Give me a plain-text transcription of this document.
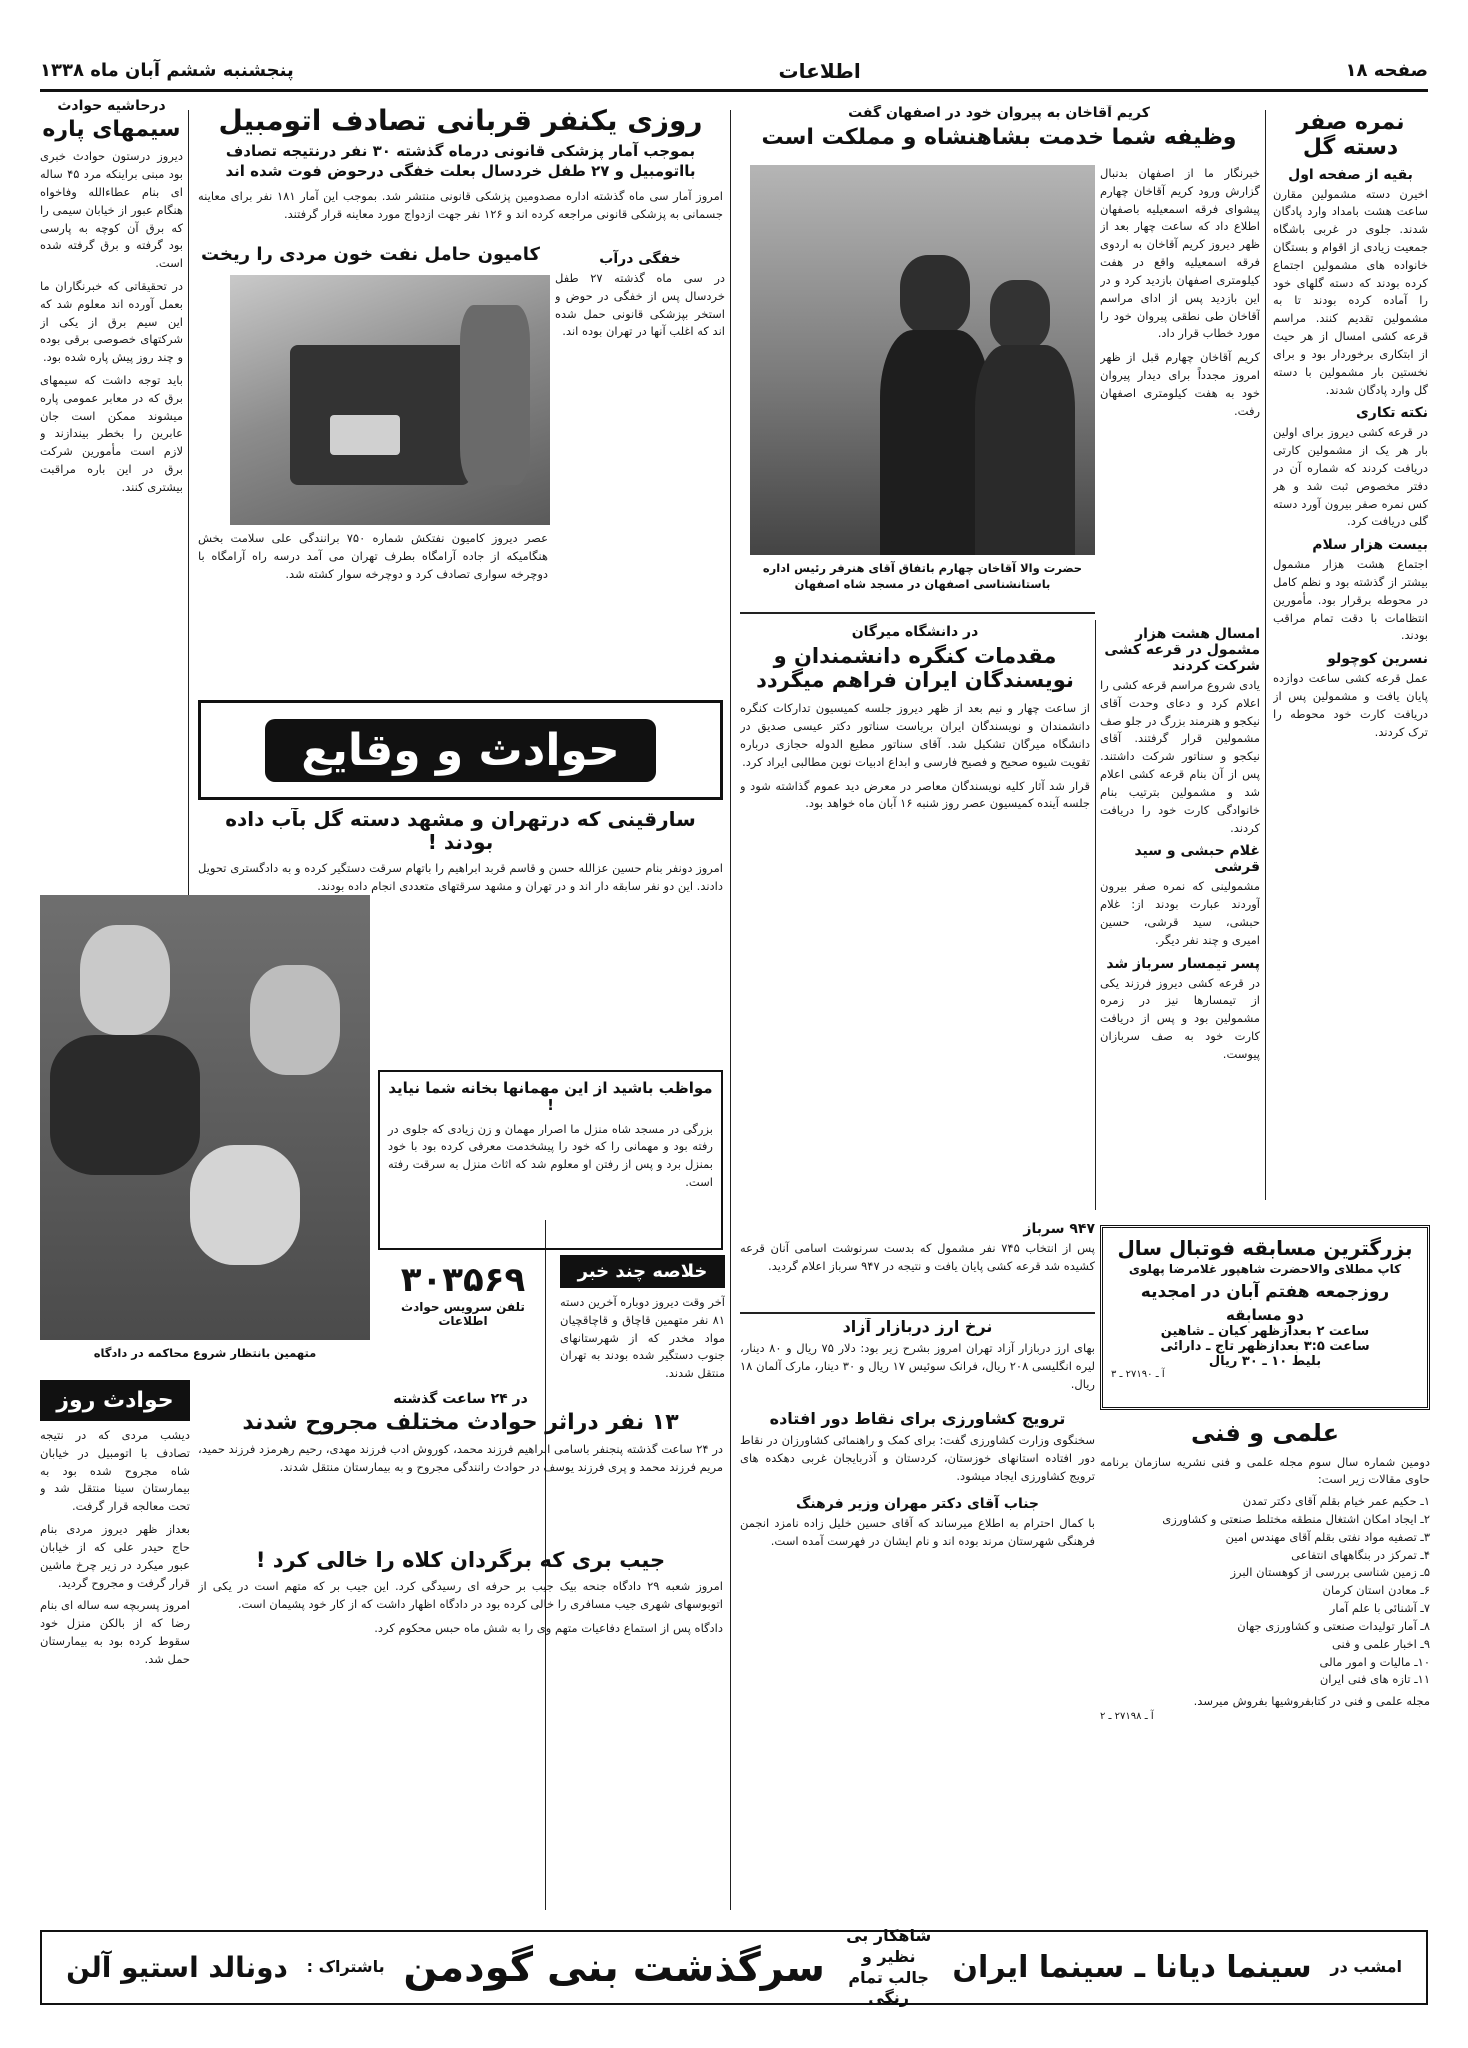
صفحه ۱۸
اطلاعات
پنجشنبه ششم آبان ماه ۱۳۳۸
نمره صفر دسته گل
بقیه از صفحه اول
اخیرن دسته مشمولین مقارن ساعت هشت بامداد وارد پادگان شدند. جلوی در غربی باشگاه جمعیت زیادی از اقوام و بستگان خانواده های مشمولین اجتماع کرده بودند که دسته گلهای خود را آماده کرده بودند تا به مشمولین تقدیم کنند. مراسم قرعه کشی امسال از هر حیث از ابتکاری برخوردار بود و برای نخستین بار مشمولین با دسته گل وارد پادگان شدند.
نکته تکاری
در قرعه کشی دیروز برای اولین بار هر یک از مشمولین کارتی دریافت کردند که شماره آن در دفتر مخصوص ثبت شد و هر کس نمره صفر بیرون آورد دسته گلی دریافت کرد.
بیست هزار سلام
اجتماع هشت هزار مشمول بیشتر از گذشته بود و نظم کامل در محوطه برقرار بود. مأمورین انتظامات با دقت تمام مراقب بودند.
نسرین کوچولو
عمل قرعه کشی ساعت دوازده پایان یافت و مشمولین پس از دریافت کارت خود محوطه را ترک کردند.
کریم آقاخان به پیروان خود در اصفهان گفت
وظیفه شما خدمت بشاهنشاه و مملکت است
حضرت والا آقاخان چهارم باتفاق آقای هنرفر رئیس اداره باستانشناسی اصفهان در مسجد شاه اصفهان
خبرنگار ما از اصفهان بدنبال گزارش ورود کریم آقاخان چهارم پیشوای فرقه اسمعیلیه باصفهان اطلاع داد که ساعت چهار بعد از ظهر دیروز کریم آقاخان به اردوی فرقه اسمعیلیه واقع در هفت کیلومتری اصفهان بازدید کرد و در این بازدید پس از ادای مراسم آقاخان طی نطقی پیروان خود را مورد خطاب قرار داد.
کریم آقاخان چهارم قبل از ظهر امروز مجدداً برای دیدار پیروان خود به هفت کیلومتری اصفهان رفت.
در دانشگاه میرگان
مقدمات کنگره دانشمندان و نویسندگان ایران فراهم میگردد
از ساعت چهار و نیم بعد از ظهر دیروز جلسه کمیسیون تدارکات کنگره دانشمندان و نویسندگان ایران بریاست سناتور دکتر عیسی صدیق در دانشگاه میرگان تشکیل شد. آقای سناتور مطیع الدوله حجازی درباره تقویت شیوه صحیح و فصیح فارسی و ابداع ادبیات نوین مطالبی ایراد کرد.
قرار شد آثار کلیه نویسندگان معاصر در معرض دید عموم گذاشته شود و جلسه آینده کمیسیون عصر روز شنبه ۱۶ آبان ماه خواهد بود.
امسال هشت هزار مشمول در قرعه کشی شرکت کردند
یادی شروع مراسم قرعه کشی را اعلام کرد و دعای وحدت آقای نیکجو و هنرمند بزرگ در جلو صف مشمولین قرار گرفتند. آقای نیکجو و سناتور شرکت داشتند. پس از آن بنام قرعه کشی اعلام شد و مشمولین بترتیب بنام خانوادگی کارت خود را دریافت کردند.
غلام حبشی و سید قرشی
مشمولینی که نمره صفر بیرون آوردند عبارت بودند از: غلام حبشی، سید قرشی، حسین امیری و چند نفر دیگر.
پسر تیمسار سرباز شد
در قرعه کشی دیروز فرزند یکی از تیمسارها نیز در زمره مشمولین بود و پس از دریافت کارت خود به صف سربازان پیوست.
روزی یکنفر قربانی تصادف اتومبیل
بموجب آمار پزشکی قانونی درماه گذشته ۳۰ نفر درنتیجه تصادف بااتومبیل و ۲۷ طفل خردسال بعلت خفگی درحوض فوت شده اند
امروز آمار سی ماه گذشته اداره مصدومین پزشکی قانونی منتشر شد. بموجب این آمار ۱۸۱ نفر برای معاینه جسمانی به پزشکی قانونی مراجعه کرده اند و ۱۲۶ نفر جهت ازدواج مورد معاینه قرار گرفتند.
کامیون حامل نفت خون مردی را ریخت
عصر دیروز کامیون نفتکش شماره ۷۵۰ برانندگی علی سلامت بخش هنگامیکه از جاده آرامگاه بطرف تهران می آمد درسه راه آرامگاه با دوچرخه سواری تصادف کرد و دوچرخه سوار کشته شد.
خفگی درآب
در سی ماه گذشته ۲۷ طفل خردسال پس از خفگی در حوض و استخر بپزشکی قانونی حمل شده اند که اغلب آنها در تهران بوده اند.
درحاشیه حوادث
سیمهای پاره
دیروز درستون حوادث خبری بود مبنی براینکه مرد ۴۵ ساله ای بنام عطاءالله وفاخواه هنگام عبور از خیابان سیمی را که برق آن کوچه به پارسی بود گرفته و برق گرفته شده است.
در تحقیقاتی که خبرنگاران ما بعمل آورده اند معلوم شد که این سیم برق از یکی از شرکتهای خصوصی برقی بوده و چند روز پیش پاره شده بود.
باید توجه داشت که سیمهای برق که در معابر عمومی پاره میشوند ممکن است جان عابرین را بخطر بیندازند و لازم است مأمورین شرکت برق در این باره مراقبت بیشتری کنند.
حوادث و وقایع
سارقینی که درتهران و مشهد دسته گل بآب داده بودند !
امروز دونفر بنام حسین عزالله حسن و قاسم قربد ابراهیم را باتهام سرقت دستگیر کرده و به دادگستری تحویل دادند. این دو نفر سابقه دار اند و در تهران و مشهد سرقتهای متعددی انجام داده بودند.
متهمین بانتظار شروع محاکمه در دادگاه
مواظب باشید از این مهمانها بخانه شما نیاید !
بزرگی در مسجد شاه منزل ما اصرار مهمان و زن زیادی که جلوی در رفته بود و مهمانی را که خود را پیشخدمت معرفی کرده بود با خود بمنزل برد و پس از رفتن او معلوم شد که اثاث منزل به سرقت رفته است.
خلاصه چند خبر
آخر وقت دیروز دوباره آخرین دسته ۸۱ نفر متهمین قاچاق و قاچاقچیان مواد مخدر که از شهرستانهای جنوب دستگیر شده بودند به تهران منتقل شدند.
۳۰۳۵۶۹
تلفن سرویس حوادث اطلاعات
۹۴۷ سرباز
پس از انتخاب ۷۴۵ نفر مشمول که بدست سرنوشت اسامی آنان قرعه کشیده شد قرعه کشی پایان یافت و نتیجه در ۹۴۷ سرباز اعلام گردید.
نرخ ارز دربازار آزاد
بهای ارز دربازار آزاد تهران امروز بشرح زیر بود: دلار ۷۵ ریال و ۸۰ دینار، لیره انگلیسی ۲۰۸ ریال، فرانک سوئیس ۱۷ ریال و ۳۰ دینار، مارک آلمان ۱۸ ریال.
ترویج کشاورزی برای نقاط دور افتاده
سخنگوی وزارت کشاورزی گفت: برای کمک و راهنمائی کشاورزان در نقاط دور افتاده استانهای خوزستان، کردستان و آذربایجان غربی دهکده های ترویج کشاورزی ایجاد میشود.
جناب آقای دکتر مهران وزیر فرهنگ
با کمال احترام به اطلاع میرساند که آقای حسین خلیل زاده نامزد انجمن فرهنگی شهرستان مرند بوده اند و نام ایشان در فهرست آمده است.
در ۲۴ ساعت گذشته
۱۳ نفر دراثر حوادث مختلف مجروح شدند
در ۲۴ ساعت گذشته پنجنفر باسامی ابراهیم فرزند محمد، کوروش ادب فرزند مهدی، رحیم رهرمزد فرزند حمید، مریم فرزند محمد و پری فرزند یوسف در حوادث رانندگی مجروح و به بیمارستان منتقل شدند.
جیب بری که برگردان کلاه را خالی کرد !
امروز شعبه ۲۹ دادگاه جنحه بیک جیب بر حرفه ای رسیدگی کرد. این جیب بر که متهم است در یکی از اتوبوسهای شهری جیب مسافری را خالی کرده بود در دادگاه اظهار داشت که از کار خود پشیمان است.
دادگاه پس از استماع دفاعیات متهم وی را به شش ماه حبس محکوم کرد.
حوادث روز
دیشب مردی که در نتیجه تصادف با اتومبیل در خیابان شاه مجروح شده بود به بیمارستان سینا منتقل شد و تحت معالجه قرار گرفت.
بعداز ظهر دیروز مردی بنام حاج حیدر علی که از خیابان عبور میکرد در زیر چرخ ماشین قرار گرفت و مجروح گردید.
امروز پسربچه سه ساله ای بنام رضا که از بالکن منزل خود سقوط کرده بود به بیمارستان حمل شد.
بزرگترین مسابقه فوتبال سال
کاپ مطلای والاحضرت شاهپور غلامرضا پهلوی
روزجمعه هفتم آبان در امجدیه
دو مسابقه
ساعت ۲ بعدازظهر کیان ـ شاهین
ساعت ۳:۵ بعدازظهر تاج ـ دارائی
بلیط ۱۰ ـ ۳۰ ریال
آ ـ ۲۷۱۹۰ ـ ۳
علمی و فنی
دومین شماره سال سوم مجله علمی و فنی نشریه سازمان برنامه حاوی مقالات زیر است:
۱ـ حکیم عمر خیام بقلم آقای دکتر تمدن
۲ـ ایجاد امکان اشتغال منطقه مختلط صنعتی و کشاورزی
۳ـ تصفیه مواد نفتی بقلم آقای مهندس امین
۴ـ تمرکز در بنگاههای انتفاعی
۵ـ زمین شناسی بررسی از کوهستان البرز
۶ـ معادن استان کرمان
۷ـ آشنائی با علم آمار
۸ـ آمار تولیدات صنعتی و کشاورزی جهان
۹ـ اخبار علمی و فنی
۱۰ـ مالیات و امور مالی
۱۱ـ تازه های فنی ایران
مجله علمی و فنی در کتابفروشیها بفروش میرسد.
آ ـ ۲۷۱۹۸ ـ ۲
امشب در
سینما دیانا ـ سینما ایران
شاهکار بی نظیر و جالب تمام رنگی
سرگذشت بنی گودمن
باشتراک :
دونالد استیو آلن
